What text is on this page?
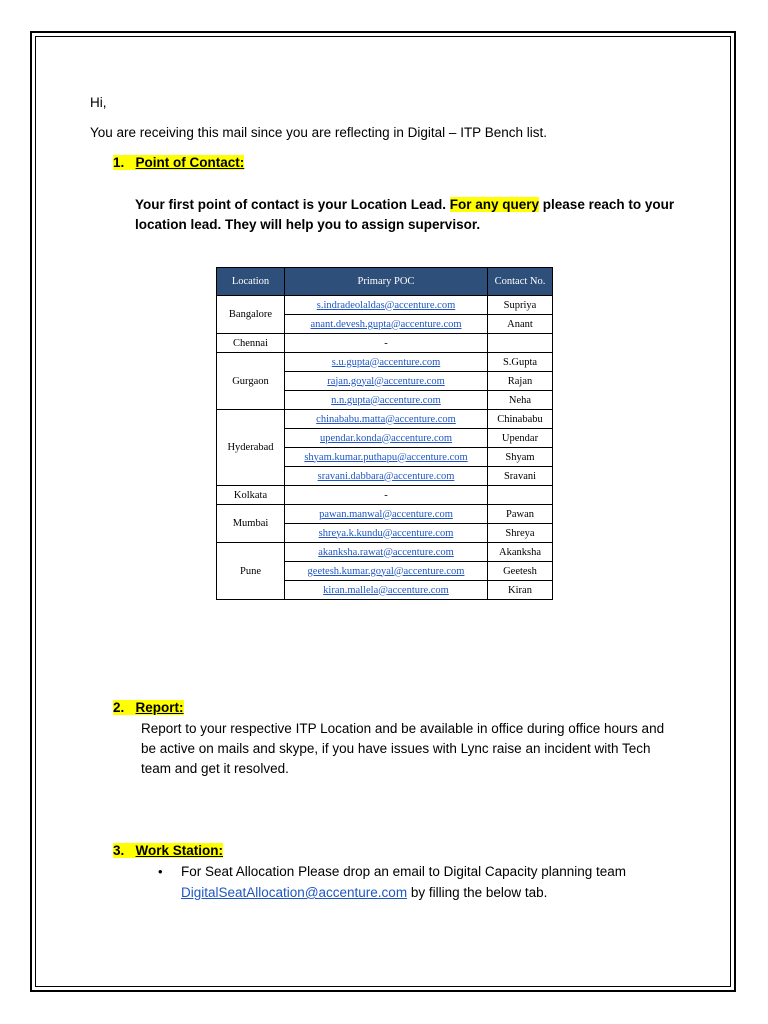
Hi,
You are receiving this mail since you are reflecting in Digital – ITP Bench list.
1. Point of Contact:
Your first point of contact is your Location Lead. For any query please reach to your
location lead. They will help you to assign supervisor.
Location	Primary POC	Contact No.
Bangalore	s.indradeolaldas@accenture.com	Supriya
	anant.devesh.gupta@accenture.com	Anant
Chennai	-	
Gurgaon	s.u.gupta@accenture.com	S.Gupta
	rajan.goyal@accenture.com	Rajan
	n.n.gupta@accenture.com	Neha
Hyderabad	chinababu.matta@accenture.com	Chinababu
	upendar.konda@accenture.com	Upendar
	shyam.kumar.puthapu@accenture.com	Shyam
	sravani.dabbara@accenture.com	Sravani
Kolkata	-	
Mumbai	pawan.manwal@accenture.com	Pawan
	shreya.k.kundu@accenture.com	Shreya
Pune	akanksha.rawat@accenture.com	Akanksha
	geetesh.kumar.goyal@accenture.com	Geetesh
	kiran.mallela@accenture.com	Kiran
2. Report:
Report to your respective ITP Location and be available in office during office hours and
be active on mails and skype, if you have issues with Lync raise an incident with Tech
team and get it resolved.
3. Work Station:
• For Seat Allocation Please drop an email to Digital Capacity planning team
DigitalSeatAllocation@accenture.com by filling the below tab.
